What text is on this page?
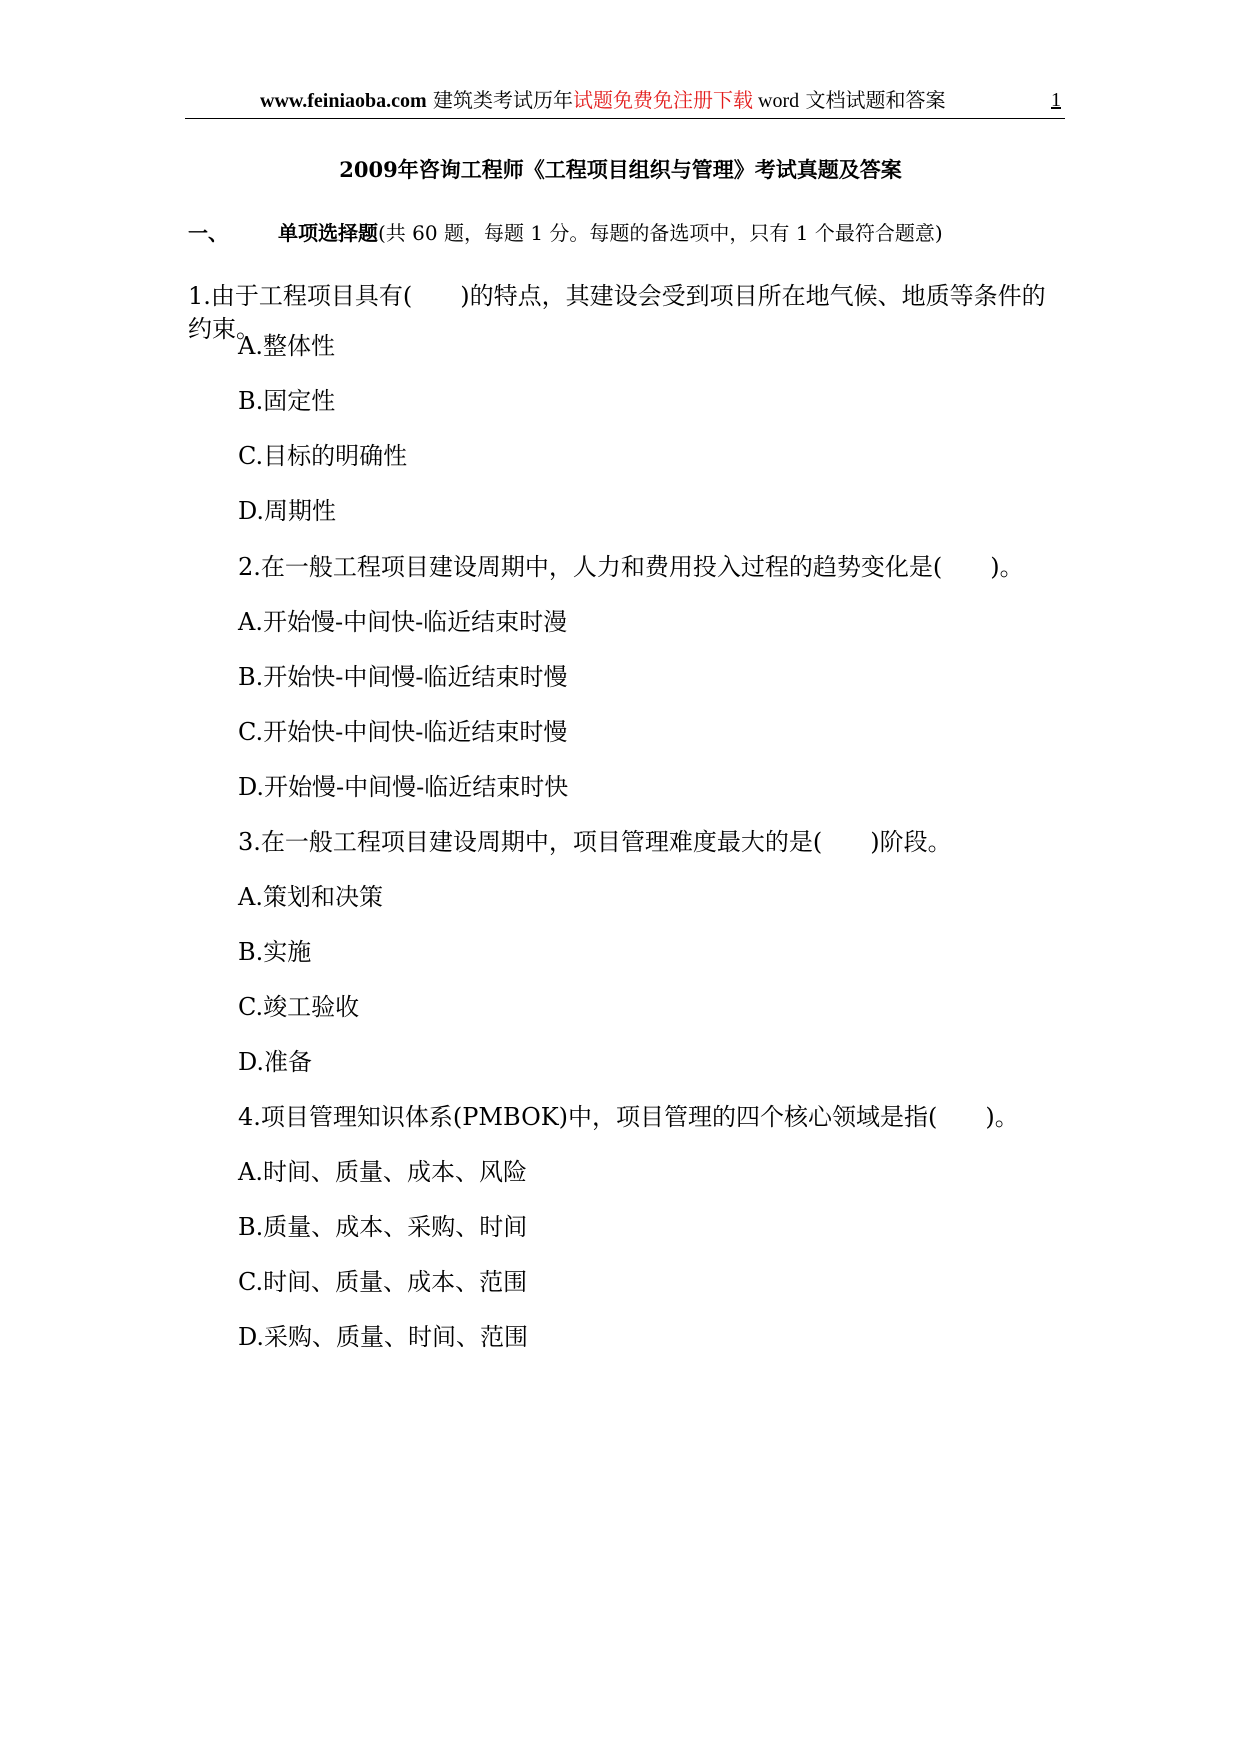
www.feiniaoba.com 建筑类考试历年试题免费免注册下载 word 文档试题和答案	1
2009年咨询工程师《工程项目组织与管理》考试真题及答案
一、	单项选择题(共 60 题，每题 1 分。每题的备选项中，只有 1 个最符合题意)
1.由于工程项目具有(　　)的特点，其建设会受到项目所在地气候、地质等条件的约束。
A.整体性
B.固定性
C.目标的明确性
D.周期性
2.在一般工程项目建设周期中，人力和费用投入过程的趋势变化是(　　)。
A.开始慢-中间快-临近结束时漫
B.开始快-中间慢-临近结束时慢
C.开始快-中间快-临近结束时慢
D.开始慢-中间慢-临近结束时快
3.在一般工程项目建设周期中，项目管理难度最大的是(　　)阶段。
A.策划和决策
B.实施
C.竣工验收
D.准备
4.项目管理知识体系(PMBOK)中，项目管理的四个核心领域是指(　　)。
A.时间、质量、成本、风险
B.质量、成本、采购、时间
C.时间、质量、成本、范围
D.采购、质量、时间、范围
